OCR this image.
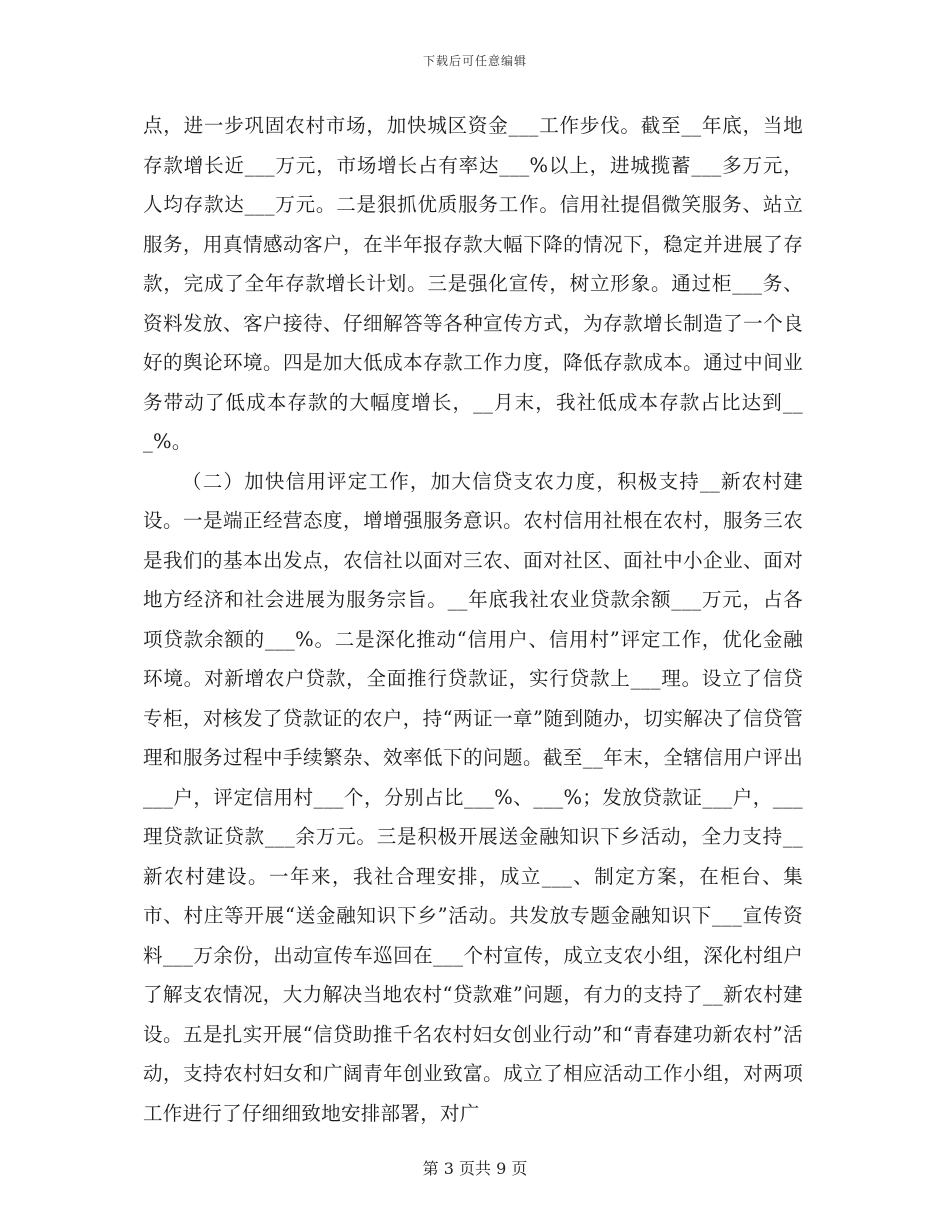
下载后可任意编辑

点，进一步巩固农村市场，加快城区资金___工作步伐。截至__年底，当地存款增长近___万元，市场增长占有率达___%以上，进城揽蓄___多万元，人均存款达___万元。二是狠抓优质服务工作。信用社提倡微笑服务、站立服务，用真情感动客户，在半年报存款大幅下降的情况下，稳定并进展了存款，完成了全年存款增长计划。三是强化宣传，树立形象。通过柜___务、资料发放、客户接待、仔细解答等各种宣传方式，为存款增长制造了一个良好的舆论环境。四是加大低成本存款工作力度，降低存款成本。通过中间业务带动了低成本存款的大幅度增长，__月末，我社低成本存款占比达到___%。

（二）加快信用评定工作，加大信贷支农力度，积极支持__新农村建设。一是端正经营态度，增增强服务意识。农村信用社根在农村，服务三农是我们的基本出发点，农信社以面对三农、面对社区、面社中小企业、面对地方经济和社会进展为服务宗旨。__年底我社农业贷款余额___万元，占各项贷款余额的___%。二是深化推动“信用户、信用村”评定工作，优化金融环境。对新增农户贷款，全面推行贷款证，实行贷款上___理。设立了信贷专柜，对核发了贷款证的农户，持“两证一章”随到随办，切实解决了信贷管理和服务过程中手续繁杂、效率低下的问题。截至__年末，全辖信用户评出___户，评定信用村___个，分别占比___%、___%；发放贷款证___户，___理贷款证贷款___余万元。三是积极开展送金融知识下乡活动，全力支持__新农村建设。一年来，我社合理安排，成立___、制定方案，在柜台、集市、村庄等开展“送金融知识下乡”活动。共发放专题金融知识下___宣传资料___万余份，出动宣传车巡回在___个村宣传，成立支农小组，深化村组户了解支农情况，大力解决当地农村“贷款难”问题，有力的支持了__新农村建设。五是扎实开展“信贷助推千名农村妇女创业行动”和“青春建功新农村”活动，支持农村妇女和广阔青年创业致富。成立了相应活动工作小组，对两项工作进行了仔细细致地安排部署，对广

第 3 页共 9 页
